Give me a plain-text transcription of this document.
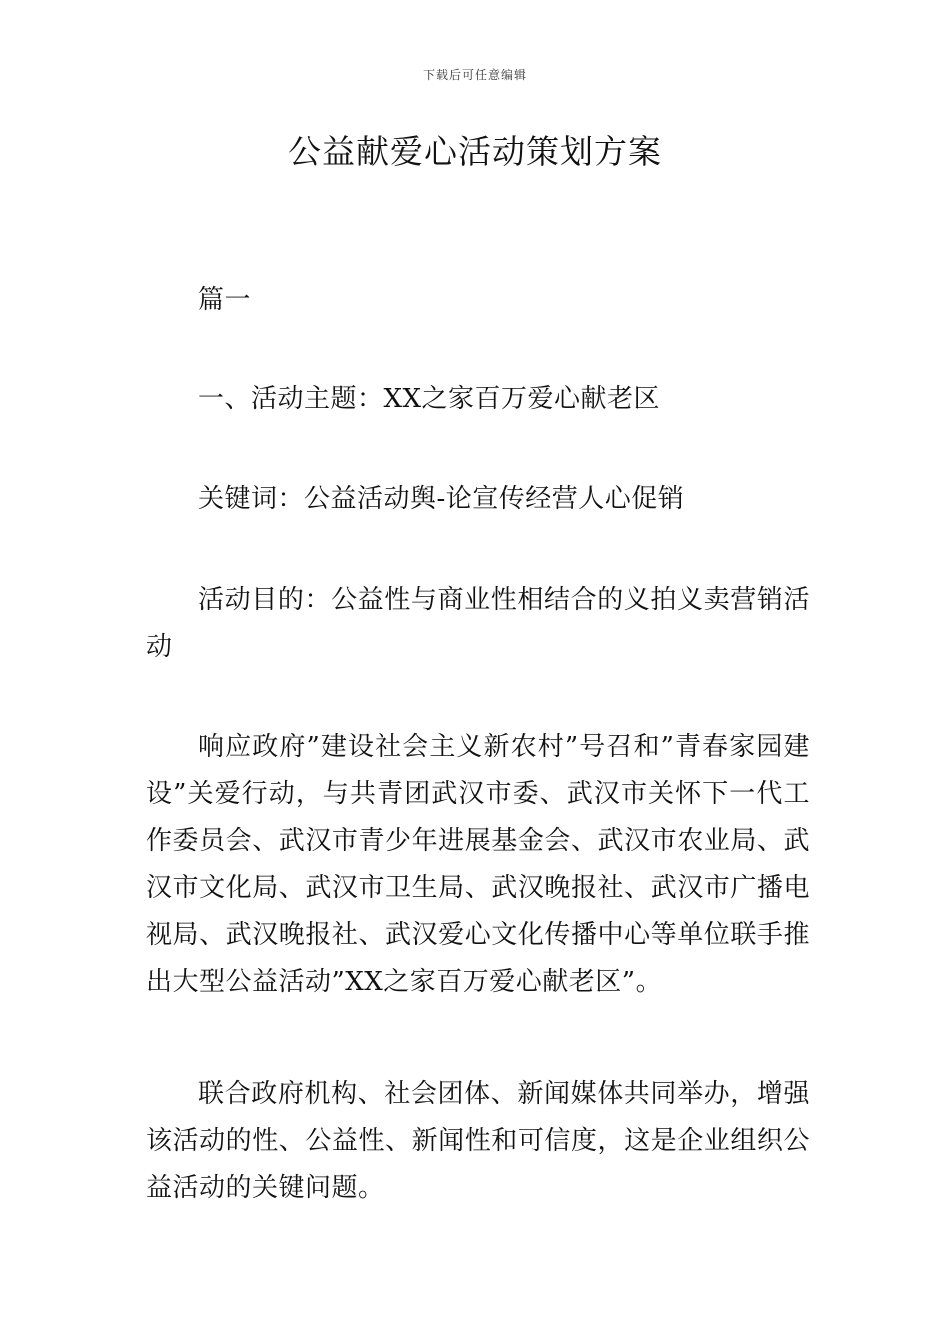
下载后可任意编辑
公益献爱心活动策划方案

篇一

一、活动主题：XX之家百万爱心献老区

关键词：公益活动舆-论宣传经营人心促销

活动目的：公益性与商业性相结合的义拍义卖营销活动

响应政府”建设社会主义新农村”号召和”青春家园建设”关爱行动，与共青团武汉市委、武汉市关怀下一代工作委员会、武汉市青少年进展基金会、武汉市农业局、武汉市文化局、武汉市卫生局、武汉晚报社、武汉市广播电视局、武汉晚报社、武汉爱心文化传播中心等单位联手推出大型公益活动”XX之家百万爱心献老区”。

联合政府机构、社会团体、新闻媒体共同举办，增强该活动的性、公益性、新闻性和可信度，这是企业组织公益活动的关键问题。
